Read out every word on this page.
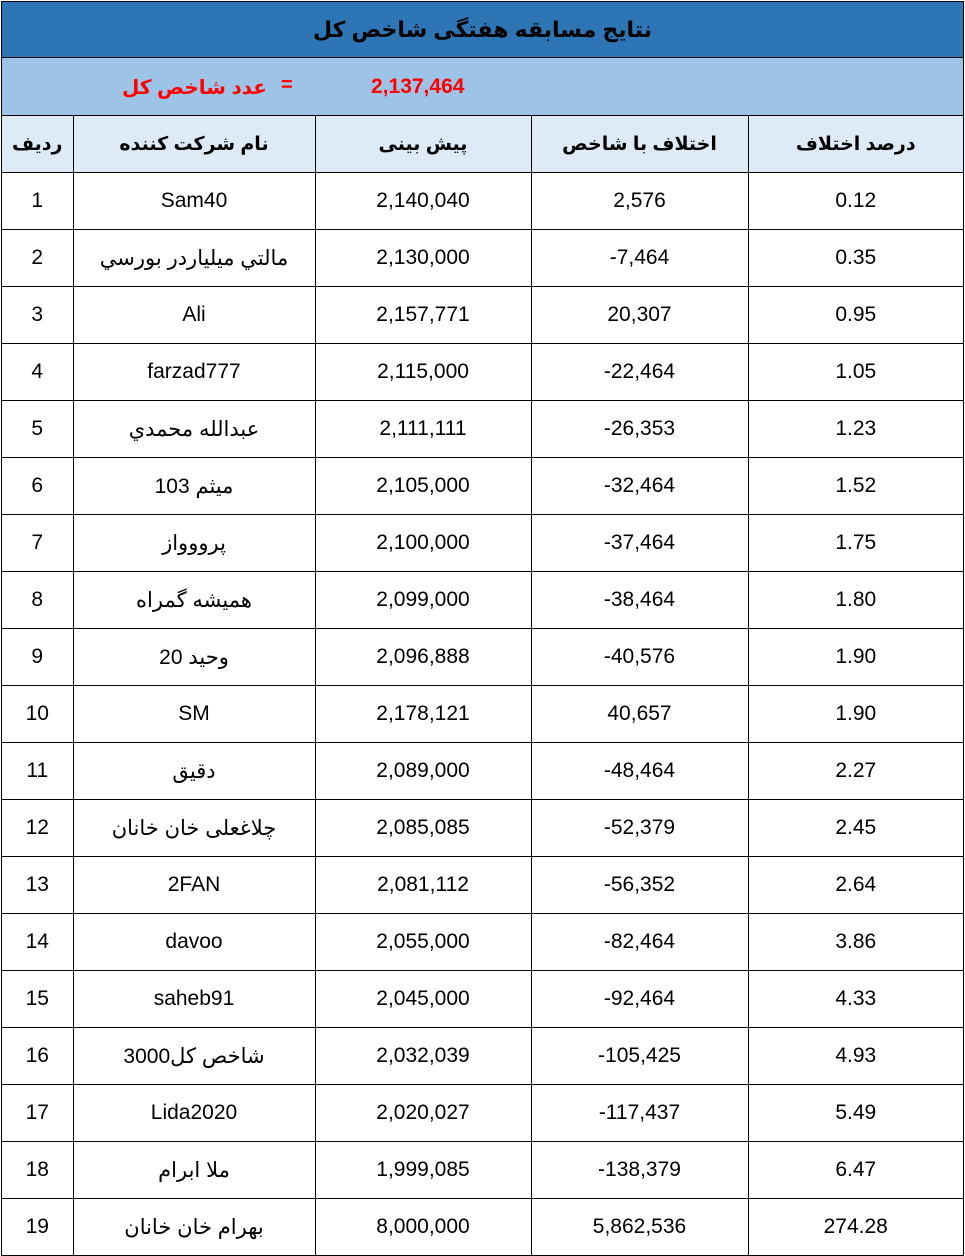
نتایج مسابقه هفتگی شاخص کل
عدد شاخص کل =	2,137,464
ردیف	نام شرکت کننده	پیش بینی	اختلاف با شاخص	درصد اختلاف
1	Sam40	2,140,040	2,576	0.12
2	مالتي ميلياردر بورسي	2,130,000	-7,464	0.35
3	Ali	2,157,771	20,307	0.95
4	farzad777	2,115,000	-22,464	1.05
5	عبدالله محمدي	2,111,111	-26,353	1.23
6	میثم 103	2,105,000	-32,464	1.52
7	پرووواز	2,100,000	-37,464	1.75
8	همیشه گمراه	2,099,000	-38,464	1.80
9	وحید 20	2,096,888	-40,576	1.90
10	SM	2,178,121	40,657	1.90
11	دقیق	2,089,000	-48,464	2.27
12	چلاغعلی خان خانان	2,085,085	-52,379	2.45
13	2FAN	2,081,112	-56,352	2.64
14	davoo	2,055,000	-82,464	3.86
15	saheb91	2,045,000	-92,464	4.33
16	شاخص کل3000	2,032,039	-105,425	4.93
17	Lida2020	2,020,027	-117,437	5.49
18	ملا ابرام	1,999,085	-138,379	6.47
19	بهرام خان خانان	8,000,000	5,862,536	274.28
